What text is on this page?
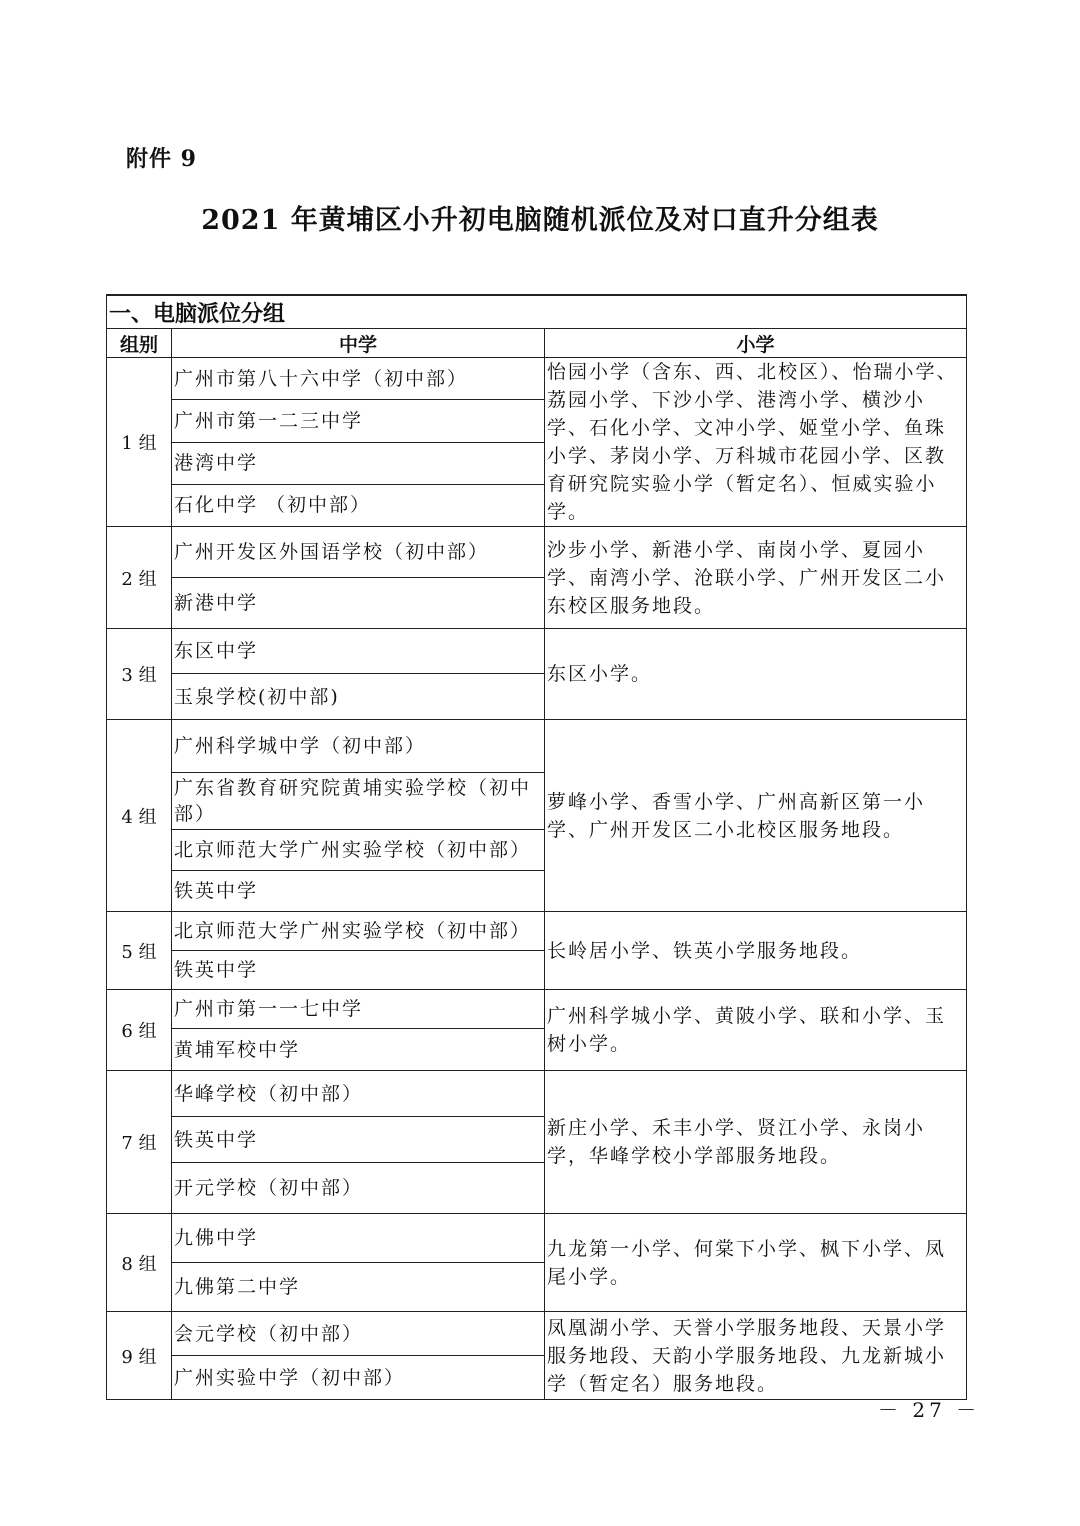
附件 9
2021 年黄埔区小升初电脑随机派位及对口直升分组表
一、电脑派位分组		
组别	中学	小学
1 组	广州市第八十六中学（初中部）	怡园小学（含东、西、北校区）、怡瑞小学、荔园小学、下沙小学、港湾小学、横沙小学、石化小学、文冲小学、姬堂小学、鱼珠小学、茅岗小学、万科城市花园小学、区教育研究院实验小学（暂定名）、恒威实验小学。
	广州市第一二三中学	
	港湾中学	
	石化中学 （初中部）	
2 组	广州开发区外国语学校（初中部）	沙步小学、新港小学、南岗小学、夏园小学、南湾小学、沧联小学、广州开发区二小东校区服务地段。
	新港中学	
3 组	东区中学	东区小学。
	玉泉学校(初中部)	
4 组	广州科学城中学（初中部）	萝峰小学、香雪小学、广州高新区第一小学、广州开发区二小北校区服务地段。
	广东省教育研究院黄埔实验学校（初中部）	
	北京师范大学广州实验学校（初中部）	
	铁英中学	
5 组	北京师范大学广州实验学校（初中部）	长岭居小学、铁英小学服务地段。
	铁英中学	
6 组	广州市第一一七中学	广州科学城小学、黄陂小学、联和小学、玉树小学。
	黄埔军校中学	
7 组	华峰学校（初中部）	新庄小学、禾丰小学、贤江小学、永岗小学，华峰学校小学部服务地段。
	铁英中学	
	开元学校（初中部）	
8 组	九佛中学	九龙第一小学、何棠下小学、枫下小学、凤尾小学。
	九佛第二中学	
9 组	会元学校（初中部）	凤凰湖小学、天誉小学服务地段、天景小学服务地段、天韵小学服务地段、九龙新城小学（暂定名）服务地段。
	广州实验中学（初中部）	
－ 27 －
